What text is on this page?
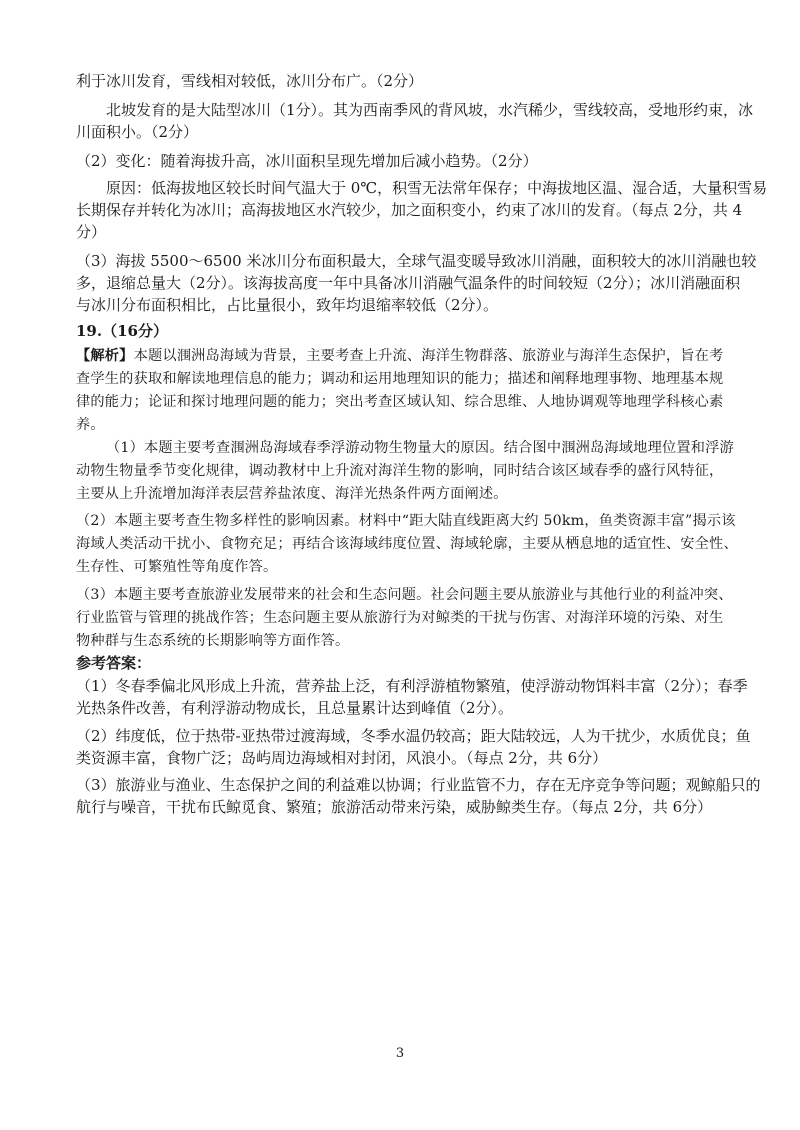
利于冰川发育，雪线相对较低，冰川分布广。（2分）
北坡发育的是大陆型冰川（1分）。其为西南季风的背风坡，水汽稀少，雪线较高，受地形约束，冰
川面积小。（2分）
（2）变化：随着海拔升高，冰川面积呈现先增加后减小趋势。（2分）
原因：低海拔地区较长时间气温大于 0℃，积雪无法常年保存；中海拔地区温、湿合适，大量积雪易
长期保存并转化为冰川；高海拔地区水汽较少，加之面积变小，约束了冰川的发育。（每点 2分，共 4
分）
（3）海拔 5500～6500 米冰川分布面积最大，全球气温变暖导致冰川消融，面积较大的冰川消融也较
多，退缩总量大（2分）。该海拔高度一年中具备冰川消融气温条件的时间较短（2分）；冰川消融面积
与冰川分布面积相比，占比量很小，致年均退缩率较低（2分）。
19.（16分）
【解析】本题以涠洲岛海域为背景，主要考查上升流、海洋生物群落、旅游业与海洋生态保护，旨在考
查学生的获取和解读地理信息的能力；调动和运用地理知识的能力；描述和阐释地理事物、地理基本规
律的能力；论证和探讨地理问题的能力；突出考查区域认知、综合思维、人地协调观等地理学科核心素
养。
（1）本题主要考查涠洲岛海域春季浮游动物生物量大的原因。结合图中涠洲岛海域地理位置和浮游
动物生物量季节变化规律，调动教材中上升流对海洋生物的影响，同时结合该区域春季的盛行风特征，
主要从上升流增加海洋表层营养盐浓度、海洋光热条件两方面阐述。
（2）本题主要考查生物多样性的影响因素。材料中“距大陆直线距离大约 50km，鱼类资源丰富”揭示该
海域人类活动干扰小、食物充足；再结合该海域纬度位置、海域轮廓，主要从栖息地的适宜性、安全性、
生存性、可繁殖性等角度作答。
（3）本题主要考查旅游业发展带来的社会和生态问题。社会问题主要从旅游业与其他行业的利益冲突、
行业监管与管理的挑战作答；生态问题主要从旅游行为对鲸类的干扰与伤害、对海洋环境的污染、对生
物种群与生态系统的长期影响等方面作答。
参考答案：
（1）冬春季偏北风形成上升流，营养盐上泛，有利浮游植物繁殖，使浮游动物饵料丰富（2分）；春季
光热条件改善，有利浮游动物成长，且总量累计达到峰值（2分）。
（2）纬度低，位于热带-亚热带过渡海域，冬季水温仍较高；距大陆较远，人为干扰少，水质优良；鱼
类资源丰富，食物广泛；岛屿周边海域相对封闭，风浪小。（每点 2分，共 6分）
（3）旅游业与渔业、生态保护之间的利益难以协调；行业监管不力，存在无序竞争等问题；观鲸船只的
航行与噪音，干扰布氏鲸觅食、繁殖；旅游活动带来污染，威胁鲸类生存。（每点 2分，共 6分）
3
